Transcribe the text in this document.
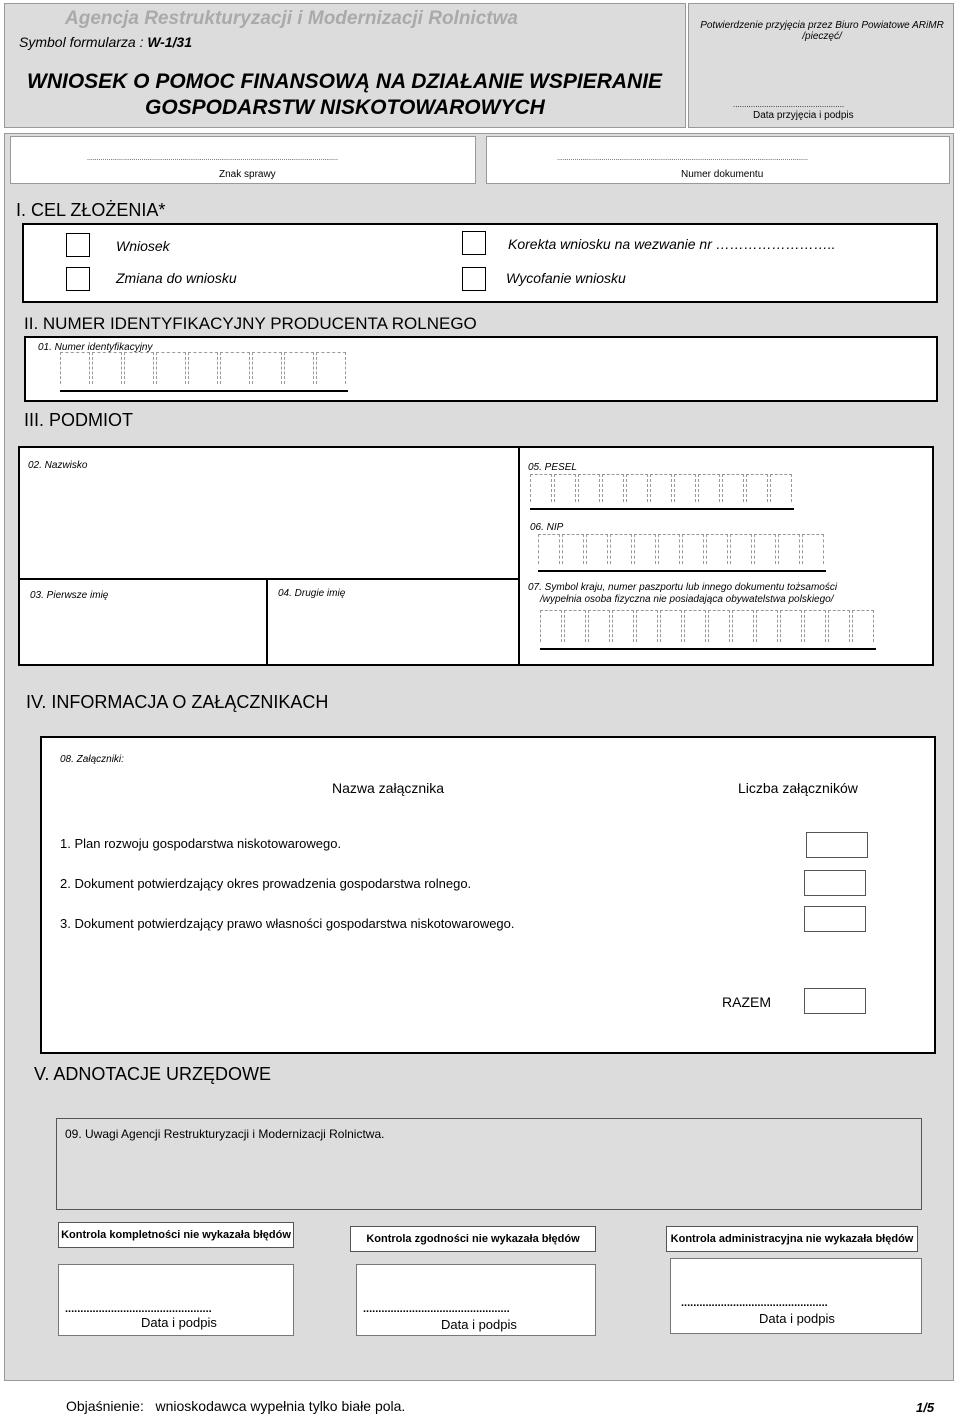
Agencja Restrukturyzacji i Modernizacji Rolnictwa
Symbol formularza : W-1/31
WNIOSEK O POMOC FINANSOWĄ NA DZIAŁANIE WSPIERANIE
GOSPODARSTW NISKOTOWAROWYCH
Potwierdzenie przyjęcia przez Biuro Powiatowe ARiMR
/pieczęć/
..................................................
Data przyjęcia i podpis
.................................................................................................................................
Znak sprawy
.................................................................................................................................
Numer dokumentu
I. CEL ZŁOŻENIA*
Wniosek	Korekta wniosku na wezwanie nr ……………………..
Zmiana do wniosku	Wycofanie wniosku
II. NUMER IDENTYFIKACYJNY PRODUCENTA ROLNEGO
01. Numer identyfikacyjny
III. PODMIOT
02. Nazwisko	05. PESEL
06. NIP
03. Pierwsze imię	04. Drugie imię
07. Symbol kraju, numer paszportu lub innego dokumentu tożsamości
/wypełnia osoba fizyczna nie posiadająca obywatelstwa polskiego/
IV. INFORMACJA O ZAŁĄCZNIKACH
08. Załączniki:
Nazwa załącznika	Liczba załączników
1. Plan rozwoju gospodarstwa niskotowarowego.
2. Dokument potwierdzający okres prowadzenia gospodarstwa rolnego.
3. Dokument potwierdzający prawo własności gospodarstwa niskotowarowego.
RAZEM
V. ADNOTACJE URZĘDOWE
09. Uwagi Agencji Restrukturyzacji i Modernizacji Rolnictwa.
Kontrola kompletności nie wykazała błędów	Kontrola zgodności nie wykazała błędów	Kontrola administracyjna nie wykazała błędów
................................................
Data i podpis
................................................
Data i podpis
................................................
Data i podpis
Objaśnienie:   wnioskodawca wypełnia tylko białe pola.	1/5
